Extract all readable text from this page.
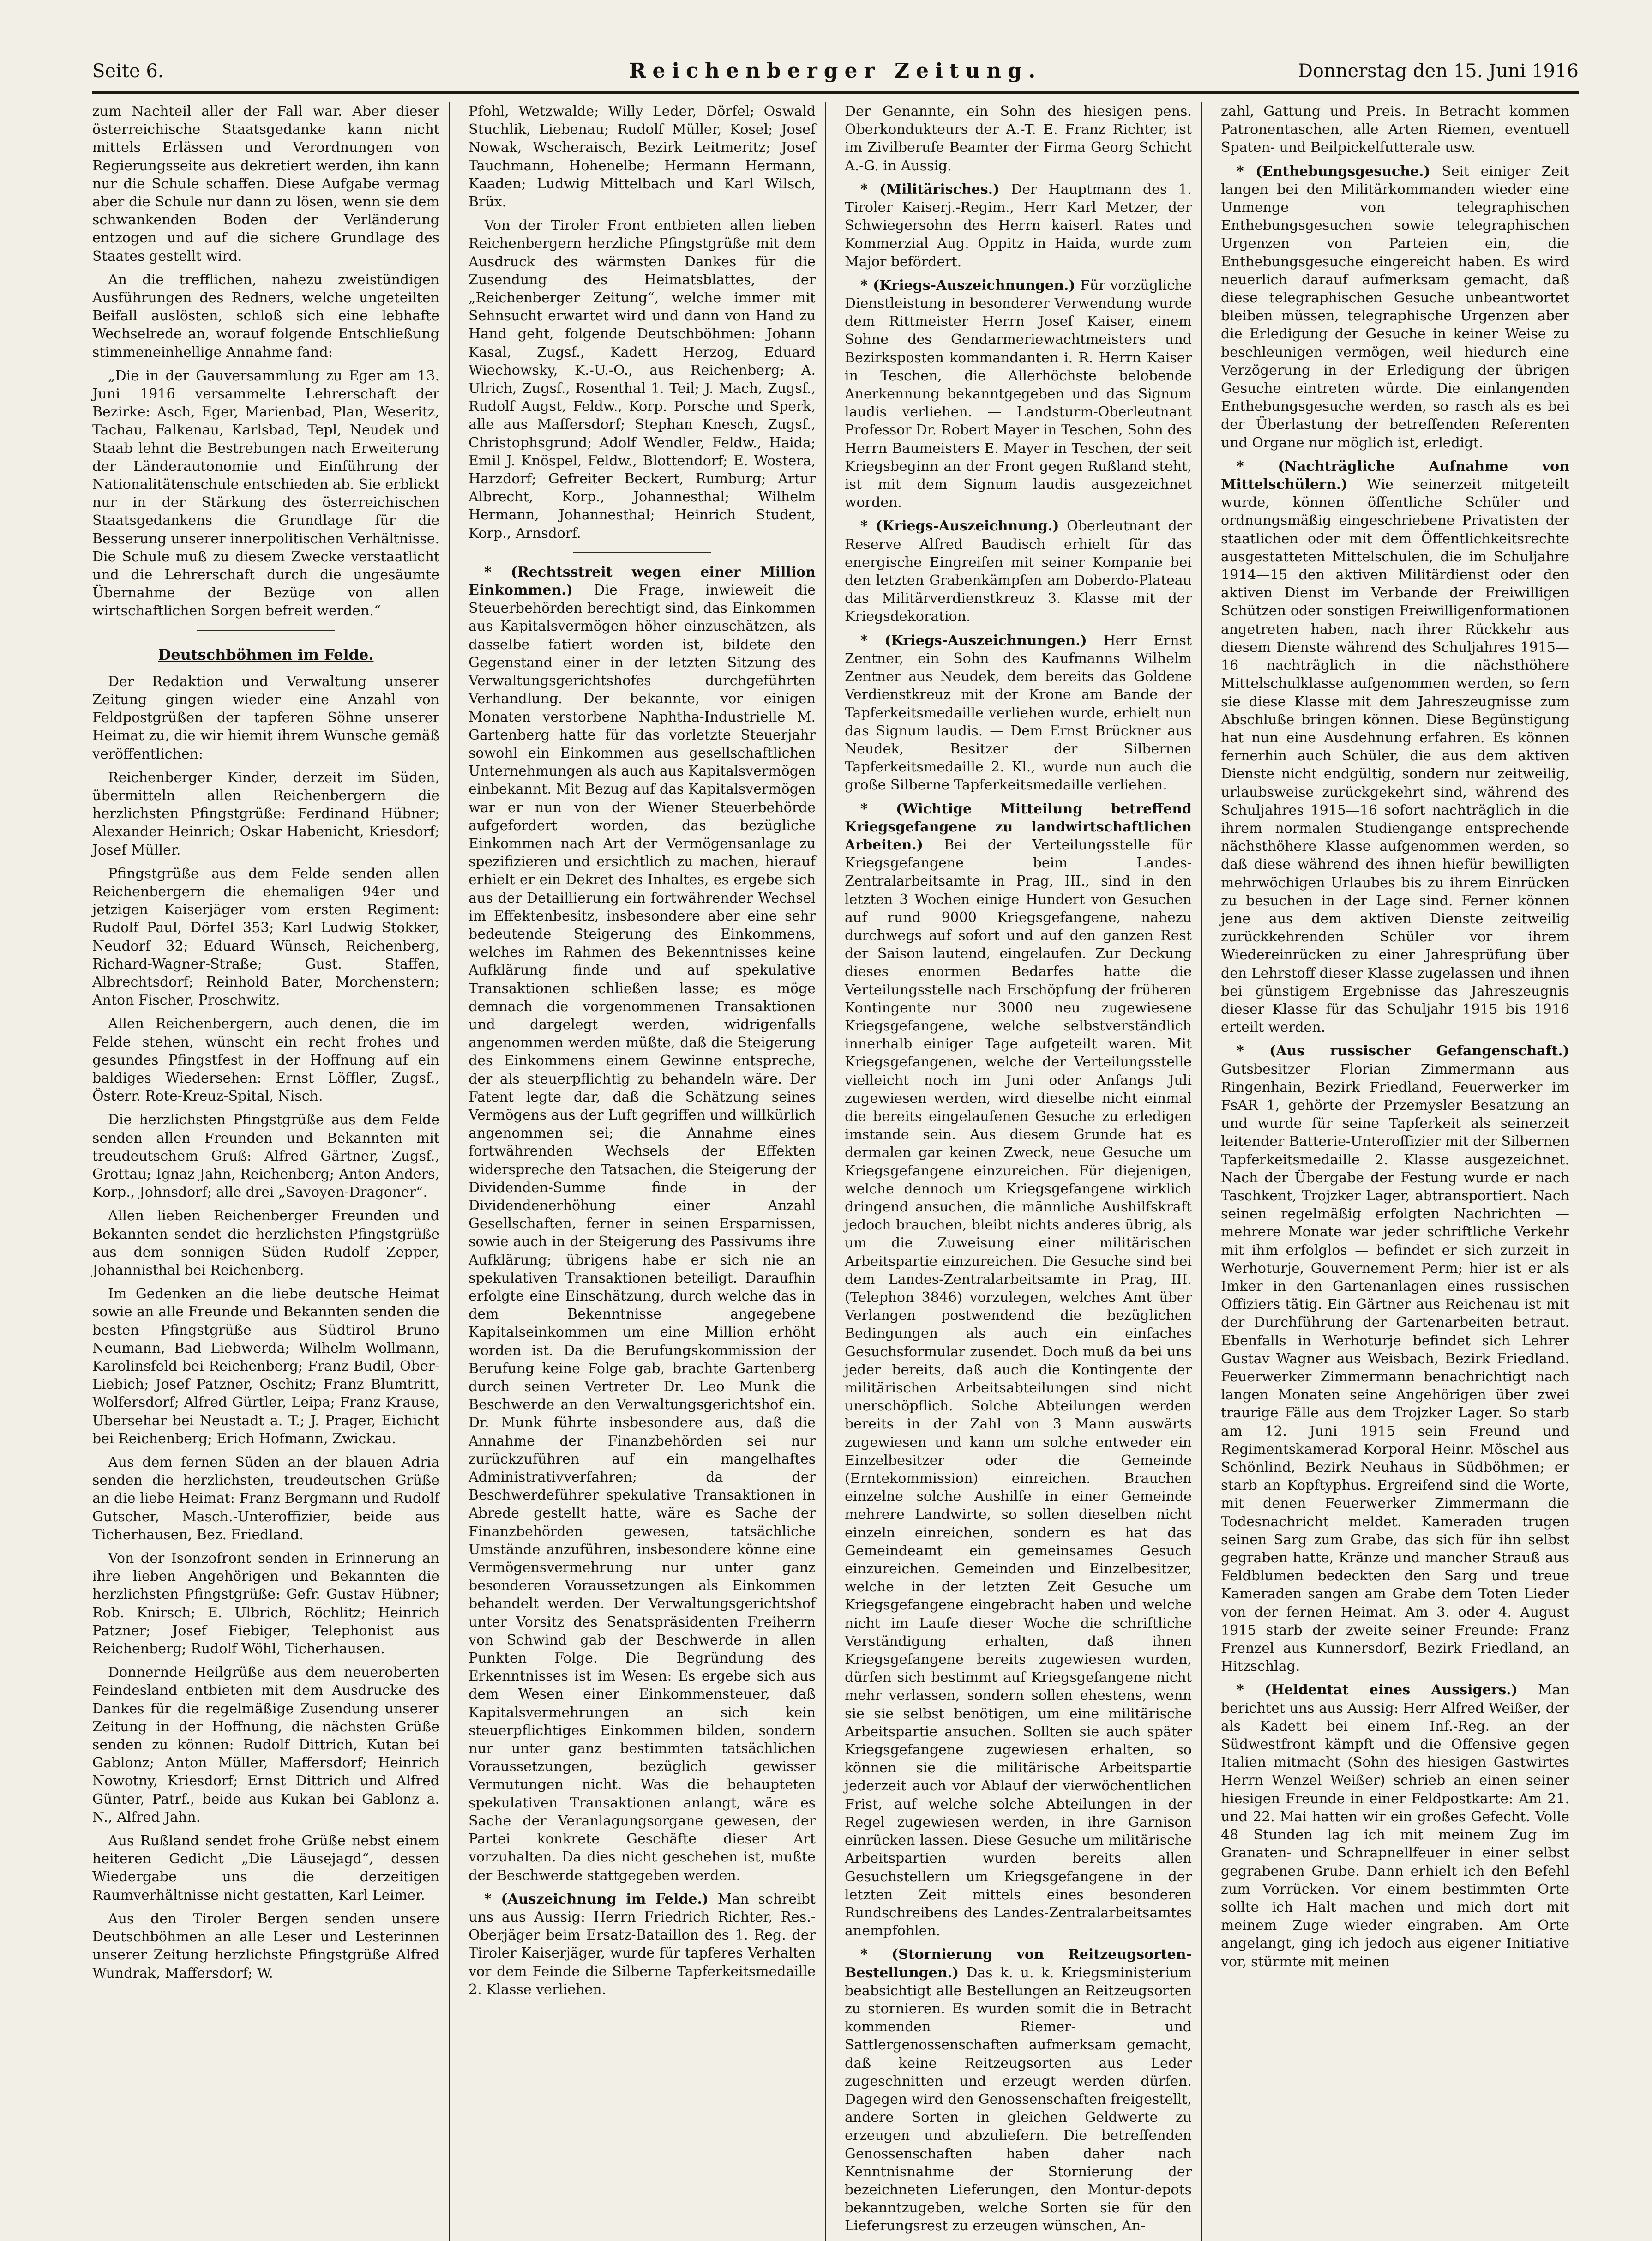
Seite 6.	Reichenberger Zeitung.	Donnerstag den 15. Juni 1916

zum Nachteil aller der Fall war. Aber dieser österreichische Staatsgedanke kann nicht mittels Erlässen und Verordnungen von Regierungsseite aus dekretiert werden, ihn kann nur die Schule schaffen. Diese Aufgabe vermag aber die Schule nur dann zu lösen, wenn sie dem schwankenden Boden der Verländerung entzogen und auf die sichere Grundlage des Staates gestellt wird.

An die trefflichen, nahezu zweistündigen Ausführungen des Redners, welche ungeteilten Beifall auslösten, schloß sich eine lebhafte Wechselrede an, worauf folgende Entschließung stimmeneinhellige Annahme fand:

„Die in der Gauversammlung zu Eger am 13. Juni 1916 versammelte Lehrerschaft der Bezirke: Asch, Eger, Marienbad, Plan, Weseritz, Tachau, Falkenau, Karlsbad, Tepl, Neudek und Staab lehnt die Bestrebungen nach Erweiterung der Länderautonomie und Einführung der Nationalitätenschule entschieden ab. Sie erblickt nur in der Stärkung des österreichischen Staatsgedankens die Grundlage für die Besserung unserer innerpolitischen Verhältnisse. Die Schule muß zu diesem Zwecke verstaatlicht und die Lehrerschaft durch die ungesäumte Übernahme der Bezüge von allen wirtschaftlichen Sorgen befreit werden.“

Deutschböhmen im Felde.

Der Redaktion und Verwaltung unserer Zeitung gingen wieder eine Anzahl von Feldpostgrüßen der tapferen Söhne unserer Heimat zu, die wir hiemit ihrem Wunsche gemäß veröffentlichen:

Reichenberger Kinder, derzeit im Süden, übermitteln allen Reichenbergern die herzlichsten Pfingstgrüße: Ferdinand Hübner; Alexander Heinrich; Oskar Habenicht, Kriesdorf; Josef Müller.

Pfingstgrüße aus dem Felde senden allen Reichenbergern die ehemaligen 94er und jetzigen Kaiserjäger vom ersten Regiment: Rudolf Paul, Dörfel 353; Karl Ludwig Stokker, Neudorf 32; Eduard Wünsch, Reichenberg, Richard-Wagner-Straße; Gust. Staffen, Albrechtsdorf; Reinhold Bater, Morchenstern; Anton Fischer, Proschwitz.

Allen Reichenbergern, auch denen, die im Felde stehen, wünscht ein recht frohes und gesundes Pfingstfest in der Hoffnung auf ein baldiges Wiedersehen: Ernst Löffler, Zugsf., Österr. Rote-Kreuz-Spital, Nisch.

Die herzlichsten Pfingstgrüße aus dem Felde senden allen Freunden und Bekannten mit treudeutschem Gruß: Alfred Gärtner, Zugsf., Grottau; Ignaz Jahn, Reichenberg; Anton Anders, Korp., Johnsdorf; alle drei „Savoyen-Dragoner“.

Allen lieben Reichenberger Freunden und Bekannten sendet die herzlichsten Pfingstgrüße aus dem sonnigen Süden Rudolf Zepper, Johannisthal bei Reichenberg.

Im Gedenken an die liebe deutsche Heimat sowie an alle Freunde und Bekannten senden die besten Pfingstgrüße aus Südtirol Bruno Neumann, Bad Liebwerda; Wilhelm Wollmann, Karolinsfeld bei Reichenberg; Franz Budil, Ober-Liebich; Josef Patzner, Oschitz; Franz Blumtritt, Wolfersdorf; Alfred Gürtler, Leipa; Franz Krause, Ubersehar bei Neustadt a. T.; J. Prager, Eichicht bei Reichenberg; Erich Hofmann, Zwickau.

Aus dem fernen Süden an der blauen Adria senden die herzlichsten, treudeutschen Grüße an die liebe Heimat: Franz Bergmann und Rudolf Gutscher, Masch.-Unteroffizier, beide aus Ticherhausen, Bez. Friedland.

Von der Isonzofront senden in Erinnerung an ihre lieben Angehörigen und Bekannten die herzlichsten Pfingstgrüße: Gefr. Gustav Hübner; Rob. Knirsch; E. Ulbrich, Röchlitz; Heinrich Patzner; Josef Fiebiger, Telephonist aus Reichenberg; Rudolf Wöhl, Ticherhausen.

Donnernde Heilgrüße aus dem neueroberten Feindesland entbieten mit dem Ausdrucke des Dankes für die regelmäßige Zusendung unserer Zeitung in der Hoffnung, die nächsten Grüße senden zu können: Rudolf Dittrich, Kutan bei Gablonz; Anton Müller, Maffersdorf; Heinrich Nowotny, Kriesdorf; Ernst Dittrich und Alfred Günter, Patrf., beide aus Kukan bei Gablonz a. N., Alfred Jahn.

Aus Rußland sendet frohe Grüße nebst einem heiteren Gedicht „Die Läusejagd“, dessen Wiedergabe uns die derzeitigen Raumverhältnisse nicht gestatten, Karl Leimer.

Aus den Tiroler Bergen senden unsere Deutschböhmen an alle Leser und Lesterinnen unserer Zeitung herzlichste Pfingstgrüße Alfred Wundrak, Maffersdorf; W.

Pfohl, Wetzwalde; Willy Leder, Dörfel; Oswald Stuchlik, Liebenau; Rudolf Müller, Kosel; Josef Nowak, Wscheraisch, Bezirk Leitmeritz; Josef Tauchmann, Hohenelbe; Hermann Hermann, Kaaden; Ludwig Mittelbach und Karl Wilsch, Brüx.

Von der Tiroler Front entbieten allen lieben Reichenbergern herzliche Pfingstgrüße mit dem Ausdruck des wärmsten Dankes für die Zusendung des Heimatsblattes, der „Reichenberger Zeitung“, welche immer mit Sehnsucht erwartet wird und dann von Hand zu Hand geht, folgende Deutschböhmen: Johann Kasal, Zugsf., Kadett Herzog, Eduard Wiechowsky, K.-U.-O., aus Reichenberg; A. Ulrich, Zugsf., Rosenthal 1. Teil; J. Mach, Zugsf., Rudolf Augst, Feldw., Korp. Porsche und Sperk, alle aus Maffersdorf; Stephan Knesch, Zugsf., Christophsgrund; Adolf Wendler, Feldw., Haida; Emil J. Knöspel, Feldw., Blottendorf; E. Wostera, Harzdorf; Gefreiter Beckert, Rumburg; Artur Albrecht, Korp., Johannesthal; Wilhelm Hermann, Johannesthal; Heinrich Student, Korp., Arnsdorf.

* (Rechtsstreit wegen einer Million Einkommen.) Die Frage, inwieweit die Steuerbehörden berechtigt sind, das Einkommen aus Kapitalsvermögen höher einzuschätzen, als dasselbe fatiert worden ist, bildete den Gegenstand einer in der letzten Sitzung des Verwaltungsgerichtshofes durchgeführten Verhandlung. Der bekannte, vor einigen Monaten verstorbene Naphtha-Industrielle M. Gartenberg hatte für das vorletzte Steuerjahr sowohl ein Einkommen aus gesellschaftlichen Unternehmungen als auch aus Kapitalsvermögen einbekannt. Mit Bezug auf das Kapitalsvermögen war er nun von der Wiener Steuerbehörde aufgefordert worden, das bezügliche Einkommen nach Art der Vermögensanlage zu spezifizieren und ersichtlich zu machen, hierauf erhielt er ein Dekret des Inhaltes, es ergebe sich aus der Detaillierung ein fortwährender Wechsel im Effektenbesitz, insbesondere aber eine sehr bedeutende Steigerung des Einkommens, welches im Rahmen des Bekenntnisses keine Aufklärung finde und auf spekulative Transaktionen schließen lasse; es möge demnach die vorgenommenen Transaktionen und dargelegt werden, widrigenfalls angenommen werden müßte, daß die Steigerung des Einkommens einem Gewinne entspreche, der als steuerpflichtig zu behandeln wäre. Der Fatent legte dar, daß die Schätzung seines Vermögens aus der Luft gegriffen und willkürlich angenommen sei; die Annahme eines fortwährenden Wechsels der Effekten widerspreche den Tatsachen, die Steigerung der Dividenden-Summe finde in der Dividendenerhöhung einer Anzahl Gesellschaften, ferner in seinen Ersparnissen, sowie auch in der Steigerung des Passivums ihre Aufklärung; übrigens habe er sich nie an spekulativen Transaktionen beteiligt. Daraufhin erfolgte eine Einschätzung, durch welche das in dem Bekenntnisse angegebene Kapitalseinkommen um eine Million erhöht worden ist. Da die Berufungskommission der Berufung keine Folge gab, brachte Gartenberg durch seinen Vertreter Dr. Leo Munk die Beschwerde an den Verwaltungsgerichtshof ein. Dr. Munk führte insbesondere aus, daß die Annahme der Finanzbehörden sei nur zurückzuführen auf ein mangelhaftes Administrativverfahren; da der Beschwerdeführer spekulative Transaktionen in Abrede gestellt hatte, wäre es Sache der Finanzbehörden gewesen, tatsächliche Umstände anzuführen, insbesondere könne eine Vermögensvermehrung nur unter ganz besonderen Voraussetzungen als Einkommen behandelt werden. Der Verwaltungsgerichtshof unter Vorsitz des Senatspräsidenten Freiherrn von Schwind gab der Beschwerde in allen Punkten Folge. Die Begründung des Erkenntnisses ist im Wesen: Es ergebe sich aus dem Wesen einer Einkommensteuer, daß Kapitalsvermehrungen an sich kein steuerpflichtiges Einkommen bilden, sondern nur unter ganz bestimmten tatsächlichen Voraussetzungen, bezüglich gewisser Vermutungen nicht. Was die behaupteten spekulativen Transaktionen anlangt, wäre es Sache der Veranlagungsorgane gewesen, der Partei konkrete Geschäfte dieser Art vorzuhalten. Da dies nicht geschehen ist, mußte der Beschwerde stattgegeben werden.

* (Auszeichnung im Felde.) Man schreibt uns aus Aussig: Herrn Friedrich Richter, Res.-Oberjäger beim Ersatz-Bataillon des 1. Reg. der Tiroler Kaiserjäger, wurde für tapferes Verhalten vor dem Feinde die Silberne Tapferkeitsmedaille 2. Klasse verliehen.

Der Genannte, ein Sohn des hiesigen pens. Oberkondukteurs der A.-T. E. Franz Richter, ist im Zivilberufe Beamter der Firma Georg Schicht A.-G. in Aussig.

* (Militärisches.) Der Hauptmann des 1. Tiroler Kaiserj.-Regim., Herr Karl Metzer, der Schwiegersohn des Herrn kaiserl. Rates und Kommerzial Aug. Oppitz in Haida, wurde zum Major befördert.

* (Kriegs-Auszeichnungen.) Für vorzügliche Dienstleistung in besonderer Verwendung wurde dem Rittmeister Herrn Josef Kaiser, einem Sohne des Gendarmeriewachtmeisters und Bezirksposten kommandanten i. R. Herrn Kaiser in Teschen, die Allerhöchste belobende Anerkennung bekanntgegeben und das Signum laudis verliehen. — Landsturm-Oberleutnant Professor Dr. Robert Mayer in Teschen, Sohn des Herrn Baumeisters E. Mayer in Teschen, der seit Kriegsbeginn an der Front gegen Rußland steht, ist mit dem Signum laudis ausgezeichnet worden.

* (Kriegs-Auszeichnung.) Oberleutnant der Reserve Alfred Baudisch erhielt für das energische Eingreifen mit seiner Kompanie bei den letzten Grabenkämpfen am Doberdo-Plateau das Militärverdienstkreuz 3. Klasse mit der Kriegsdekoration.

* (Kriegs-Auszeichnungen.) Herr Ernst Zentner, ein Sohn des Kaufmanns Wilhelm Zentner aus Neudek, dem bereits das Goldene Verdienstkreuz mit der Krone am Bande der Tapferkeitsmedaille verliehen wurde, erhielt nun das Signum laudis. — Dem Ernst Brückner aus Neudek, Besitzer der Silbernen Tapferkeitsmedaille 2. Kl., wurde nun auch die große Silberne Tapferkeitsmedaille verliehen.

* (Wichtige Mitteilung betreffend Kriegsgefangene zu landwirtschaftlichen Arbeiten.) Bei der Verteilungsstelle für Kriegsgefangene beim Landes-Zentralarbeitsamte in Prag, III., sind in den letzten 3 Wochen einige Hundert von Gesuchen auf rund 9000 Kriegsgefangene, nahezu durchwegs auf sofort und auf den ganzen Rest der Saison lautend, eingelaufen. Zur Deckung dieses enormen Bedarfes hatte die Verteilungsstelle nach Erschöpfung der früheren Kontingente nur 3000 neu zugewiesene Kriegsgefangene, welche selbstverständlich innerhalb einiger Tage aufgeteilt waren. Mit Kriegsgefangenen, welche der Verteilungsstelle vielleicht noch im Juni oder Anfangs Juli zugewiesen werden, wird dieselbe nicht einmal die bereits eingelaufenen Gesuche zu erledigen imstande sein. Aus diesem Grunde hat es dermalen gar keinen Zweck, neue Gesuche um Kriegsgefangene einzureichen. Für diejenigen, welche dennoch um Kriegsgefangene wirklich dringend ansuchen, die männliche Aushilfskraft jedoch brauchen, bleibt nichts anderes übrig, als um die Zuweisung einer militärischen Arbeitspartie einzureichen. Die Gesuche sind bei dem Landes-Zentralarbeitsamte in Prag, III. (Telephon 3846) vorzulegen, welches Amt über Verlangen postwendend die bezüglichen Bedingungen als auch ein einfaches Gesuchsformular zusendet. Doch muß da bei uns jeder bereits, daß auch die Kontingente der militärischen Arbeitsabteilungen sind nicht unerschöpflich. Solche Abteilungen werden bereits in der Zahl von 3 Mann auswärts zugewiesen und kann um solche entweder ein Einzelbesitzer oder die Gemeinde (Erntekommission) einreichen. Brauchen einzelne solche Aushilfe in einer Gemeinde mehrere Landwirte, so sollen dieselben nicht einzeln einreichen, sondern es hat das Gemeindeamt ein gemeinsames Gesuch einzureichen. Gemeinden und Einzelbesitzer, welche in der letzten Zeit Gesuche um Kriegsgefangene eingebracht haben und welche nicht im Laufe dieser Woche die schriftliche Verständigung erhalten, daß ihnen Kriegsgefangene bereits zugewiesen wurden, dürfen sich bestimmt auf Kriegsgefangene nicht mehr verlassen, sondern sollen ehestens, wenn sie sie selbst benötigen, um eine militärische Arbeitspartie ansuchen. Sollten sie auch später Kriegsgefangene zugewiesen erhalten, so können sie die militärische Arbeitspartie jederzeit auch vor Ablauf der vierwöchentlichen Frist, auf welche solche Abteilungen in der Regel zugewiesen werden, in ihre Garnison einrücken lassen. Diese Gesuche um militärische Arbeitspartien wurden bereits allen Gesuchstellern um Kriegsgefangene in der letzten Zeit mittels eines besonderen Rundschreibens des Landes-Zentralarbeitsamtes anempfohlen.

* (Stornierung von Reitzeugsorten-Bestellungen.) Das k. u. k. Kriegsministerium beabsichtigt alle Bestellungen an Reitzeugsorten zu stornieren. Es wurden somit die in Betracht kommenden Riemer- und Sattlergenossenschaften aufmerksam gemacht, daß keine Reitzeugsorten aus Leder zugeschnitten und erzeugt werden dürfen. Dagegen wird den Genossenschaften freigestellt, andere Sorten in gleichen Geldwerte zu erzeugen und abzuliefern. Die betreffenden Genossenschaften haben daher nach Kenntnisnahme der Stornierung der bezeichneten Lieferungen, den Montur-depots bekanntzugeben, welche Sorten sie für den Lieferungsrest zu erzeugen wünschen, An-

zahl, Gattung und Preis. In Betracht kommen Patronentaschen, alle Arten Riemen, eventuell Spaten- und Beilpickelfutterale usw.

* (Enthebungsgesuche.) Seit einiger Zeit langen bei den Militärkommanden wieder eine Unmenge von telegraphischen Enthebungsgesuchen sowie telegraphischen Urgenzen von Parteien ein, die Enthebungsgesuche eingereicht haben. Es wird neuerlich darauf aufmerksam gemacht, daß diese telegraphischen Gesuche unbeantwortet bleiben müssen, telegraphische Urgenzen aber die Erledigung der Gesuche in keiner Weise zu beschleunigen vermögen, weil hiedurch eine Verzögerung in der Erledigung der übrigen Gesuche eintreten würde. Die einlangenden Enthebungsgesuche werden, so rasch als es bei der Überlastung der betreffenden Referenten und Organe nur möglich ist, erledigt.

* (Nachträgliche Aufnahme von Mittelschülern.) Wie seinerzeit mitgeteilt wurde, können öffentliche Schüler und ordnungsmäßig eingeschriebene Privatisten der staatlichen oder mit dem Öffentlichkeitsrechte ausgestatteten Mittelschulen, die im Schuljahre 1914—15 den aktiven Militärdienst oder den aktiven Dienst im Verbande der Freiwilligen Schützen oder sonstigen Freiwilligenformationen angetreten haben, nach ihrer Rückkehr aus diesem Dienste während des Schuljahres 1915—16 nachträglich in die nächsthöhere Mittelschulklasse aufgenommen werden, so fern sie diese Klasse mit dem Jahreszeugnisse zum Abschluße bringen können. Diese Begünstigung hat nun eine Ausdehnung erfahren. Es können fernerhin auch Schüler, die aus dem aktiven Dienste nicht endgültig, sondern nur zeitweilig, urlaubsweise zurückgekehrt sind, während des Schuljahres 1915—16 sofort nachträglich in die ihrem normalen Studiengange entsprechende nächsthöhere Klasse aufgenommen werden, so daß diese während des ihnen hiefür bewilligten mehrwöchigen Urlaubes bis zu ihrem Einrücken zu besuchen in der Lage sind. Ferner können jene aus dem aktiven Dienste zeitweilig zurückkehrenden Schüler vor ihrem Wiedereinrücken zu einer Jahresprüfung über den Lehrstoff dieser Klasse zugelassen und ihnen bei günstigem Ergebnisse das Jahreszeugnis dieser Klasse für das Schuljahr 1915 bis 1916 erteilt werden.

* (Aus russischer Gefangenschaft.) Gutsbesitzer Florian Zimmermann aus Ringenhain, Bezirk Friedland, Feuerwerker im FsAR 1, gehörte der Przemysler Besatzung an und wurde für seine Tapferkeit als seinerzeit leitender Batterie-Unteroffizier mit der Silbernen Tapferkeitsmedaille 2. Klasse ausgezeichnet. Nach der Übergabe der Festung wurde er nach Taschkent, Trojzker Lager, abtransportiert. Nach seinen regelmäßig erfolgten Nachrichten — mehrere Monate war jeder schriftliche Verkehr mit ihm erfolglos — befindet er sich zurzeit in Werhoturje, Gouvernement Perm; hier ist er als Imker in den Gartenanlagen eines russischen Offiziers tätig. Ein Gärtner aus Reichenau ist mit der Durchführung der Gartenarbeiten betraut. Ebenfalls in Werhoturje befindet sich Lehrer Gustav Wagner aus Weisbach, Bezirk Friedland. Feuerwerker Zimmermann benachrichtigt nach langen Monaten seine Angehörigen über zwei traurige Fälle aus dem Trojzker Lager. So starb am 12. Juni 1915 sein Freund und Regimentskamerad Korporal Heinr. Möschel aus Schönlind, Bezirk Neuhaus in Südböhmen; er starb an Kopftyphus. Ergreifend sind die Worte, mit denen Feuerwerker Zimmermann die Todesnachricht meldet. Kameraden trugen seinen Sarg zum Grabe, das sich für ihn selbst gegraben hatte, Kränze und mancher Strauß aus Feldblumen bedeckten den Sarg und treue Kameraden sangen am Grabe dem Toten Lieder von der fernen Heimat. Am 3. oder 4. August 1915 starb der zweite seiner Freunde: Franz Frenzel aus Kunnersdorf, Bezirk Friedland, an Hitzschlag.

* (Heldentat eines Aussigers.) Man berichtet uns aus Aussig: Herr Alfred Weißer, der als Kadett bei einem Inf.-Reg. an der Südwestfront kämpft und die Offensive gegen Italien mitmacht (Sohn des hiesigen Gastwirtes Herrn Wenzel Weißer) schrieb an einen seiner hiesigen Freunde in einer Feldpostkarte: Am 21. und 22. Mai hatten wir ein großes Gefecht. Volle 48 Stunden lag ich mit meinem Zug im Granaten- und Schrapnellfeuer in einer selbst gegrabenen Grube. Dann erhielt ich den Befehl zum Vorrücken. Vor einem bestimmten Orte sollte ich Halt machen und mich dort mit meinem Zuge wieder eingraben. Am Orte angelangt, ging ich jedoch aus eigener Initiative vor, stürmte mit meinen
